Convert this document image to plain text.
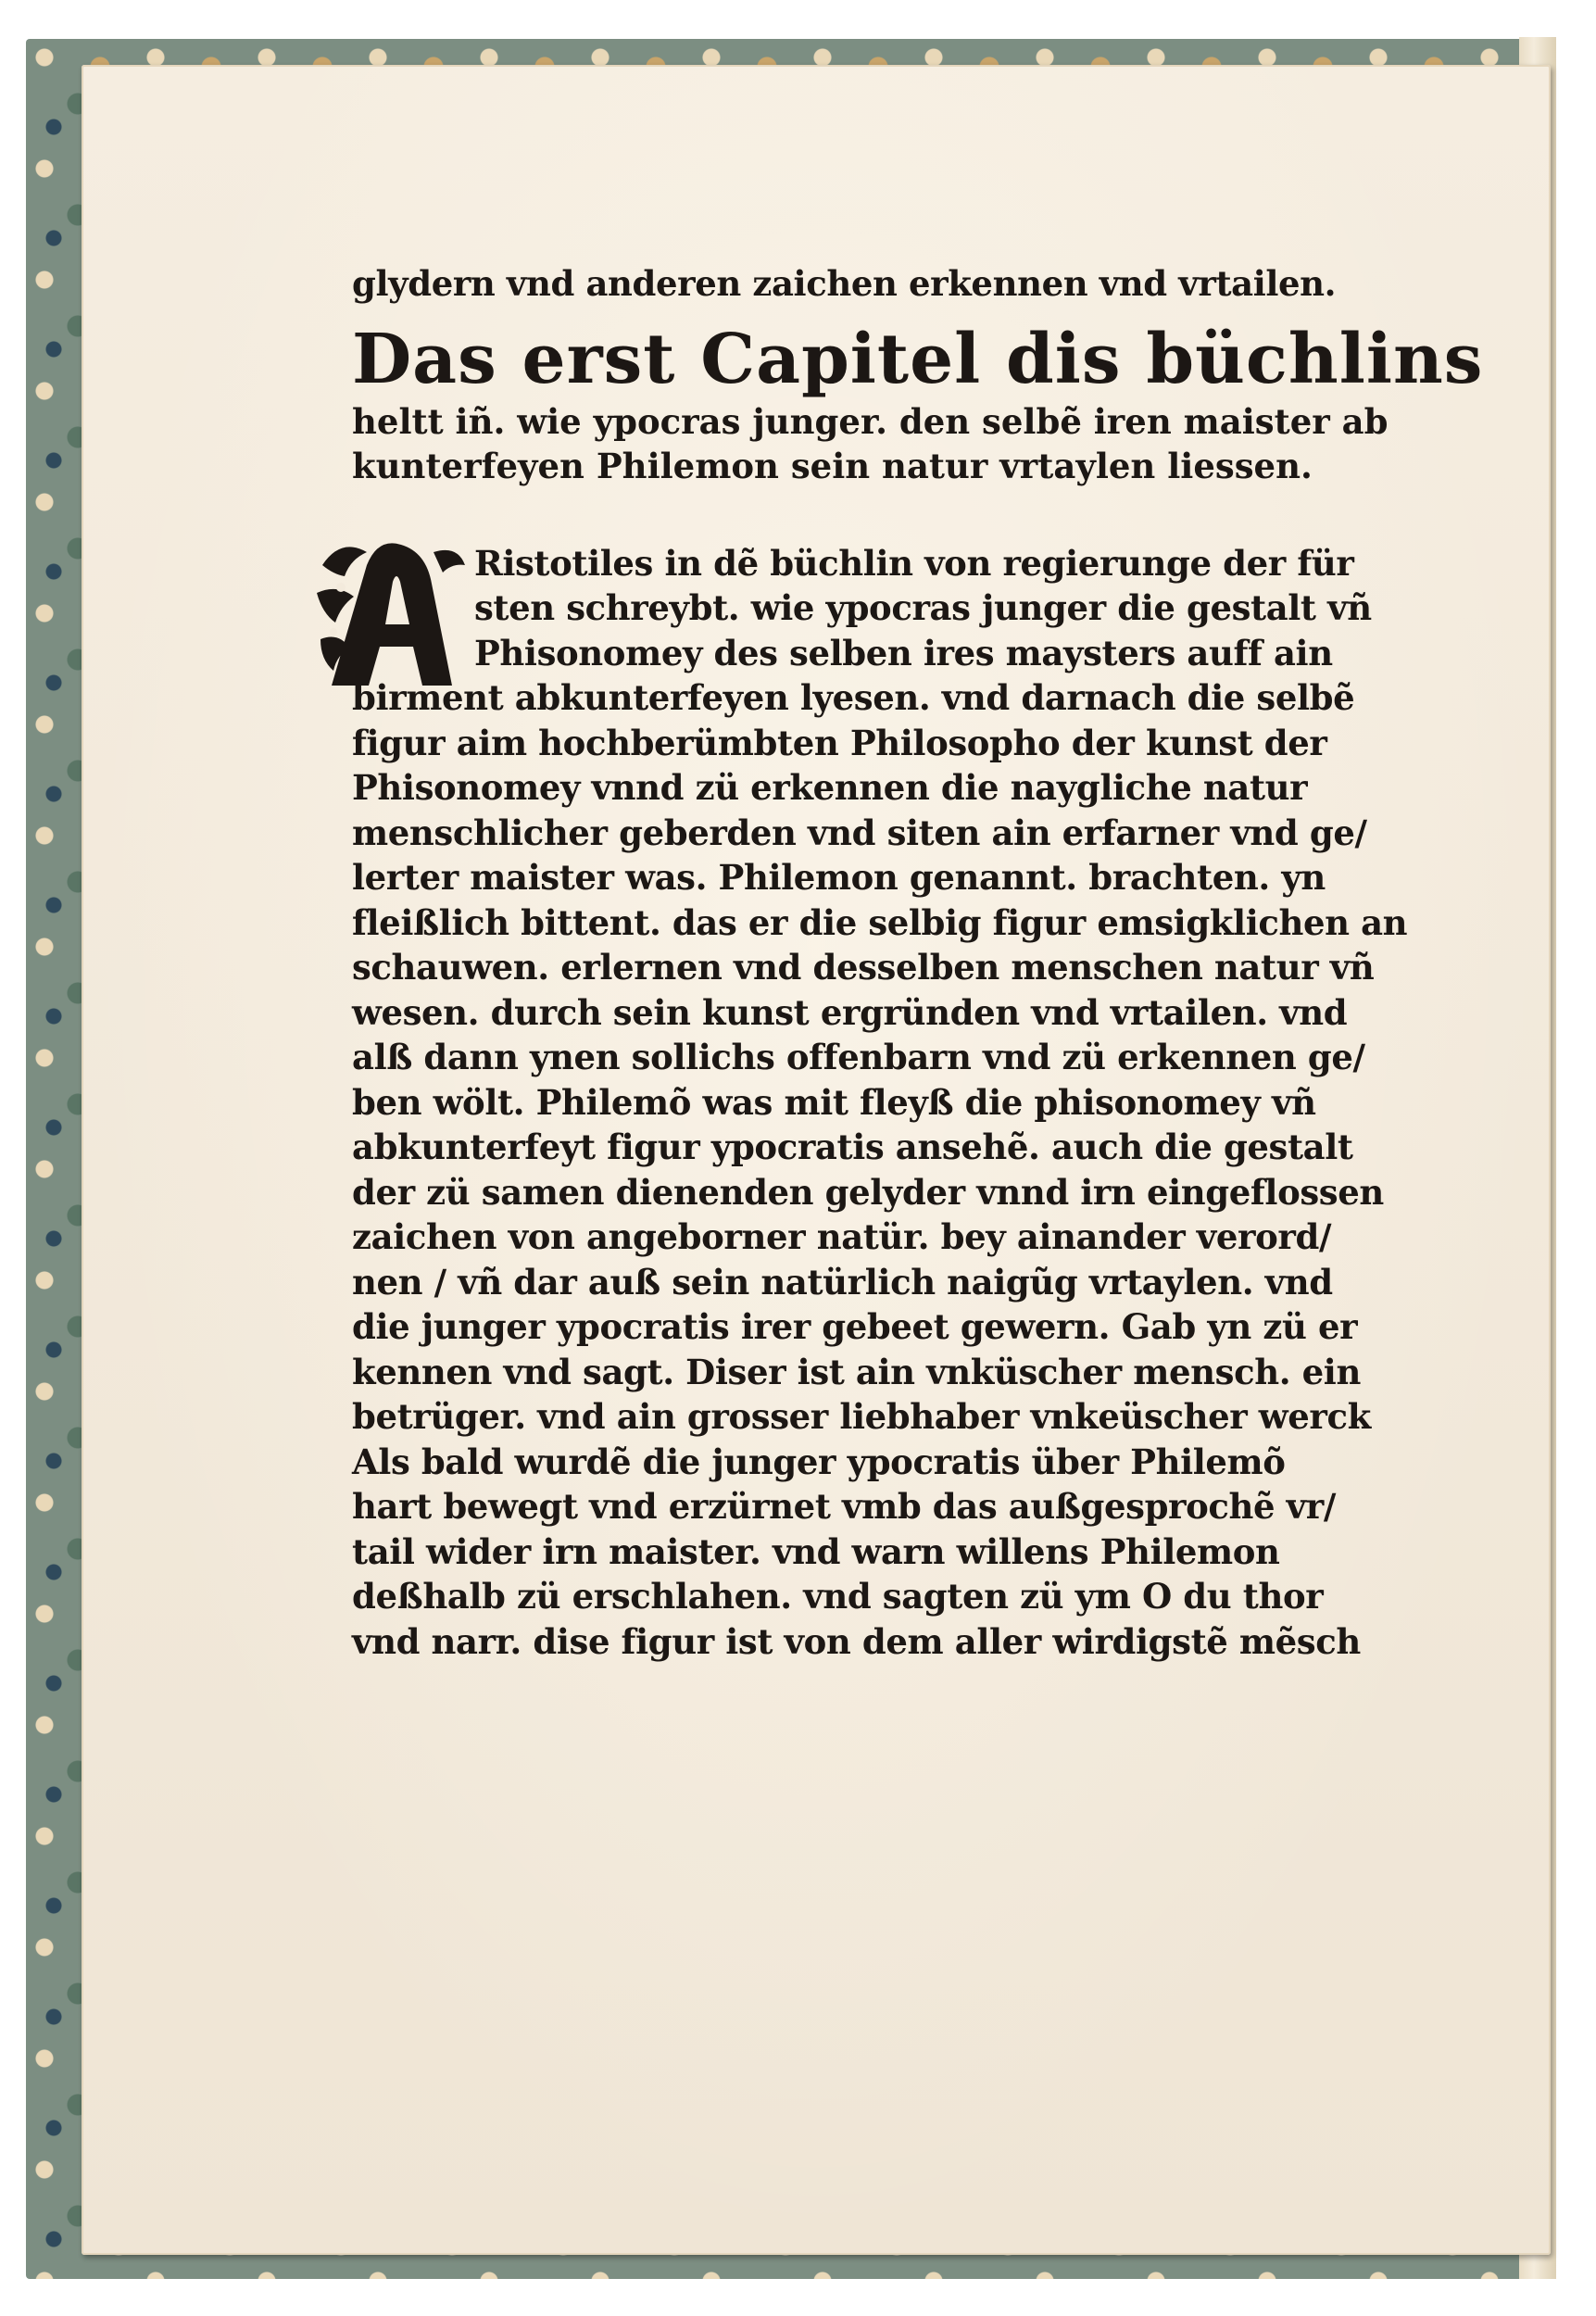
glydern vnd anderen zaichen erkennen vnd vrtailen.
Das erst Capitel dis büchlins
heltt iñ. wie ypocras junger. den selbẽ iren maister ab
kunterfeyen Philemon sein natur vrtaylen liessen.
Ristotiles in dẽ büchlin von regierunge der für
sten schreybt. wie ypocras junger die gestalt vñ
Phisonomey des selben ires maysters auff ain
birment abkunterfeyen lyesen. vnd darnach die selbẽ
figur aim hochberümbten Philosopho der kunst der
Phisonomey vnnd zü erkennen die naygliche natur
menschlicher geberden vnd siten ain erfarner vnd ge/
lerter maister was. Philemon genannt. brachten. yn
fleißlich bittent. das er die selbig figur emsigklichen an
schauwen. erlernen vnd desselben menschen natur vñ
wesen. durch sein kunst ergründen vnd vrtailen. vnd
alß dann ynen sollichs offenbarn vnd zü erkennen ge/
ben wölt. Philemõ was mit fleyß die phisonomey vñ
abkunterfeyt figur ypocratis ansehẽ. auch die gestalt
der zü samen dienenden gelyder vnnd irn eingeflossen
zaichen von angeborner natür. bey ainander verord/
nen / vñ dar auß sein natürlich naigũg vrtaylen. vnd
die junger ypocratis irer gebeet gewern. Gab yn zü er
kennen vnd sagt. Diser ist ain vnküscher mensch. ein
betrüger. vnd ain grosser liebhaber vnkeüscher werck
Als bald wurdẽ die junger ypocratis über Philemõ
hart bewegt vnd erzürnet vmb das außgesprochẽ vr/
tail wider irn maister. vnd warn willens Philemon
deßhalb zü erschlahen. vnd sagten zü ym O du thor
vnd narr. dise figur ist von dem aller wirdigstẽ mẽsch
